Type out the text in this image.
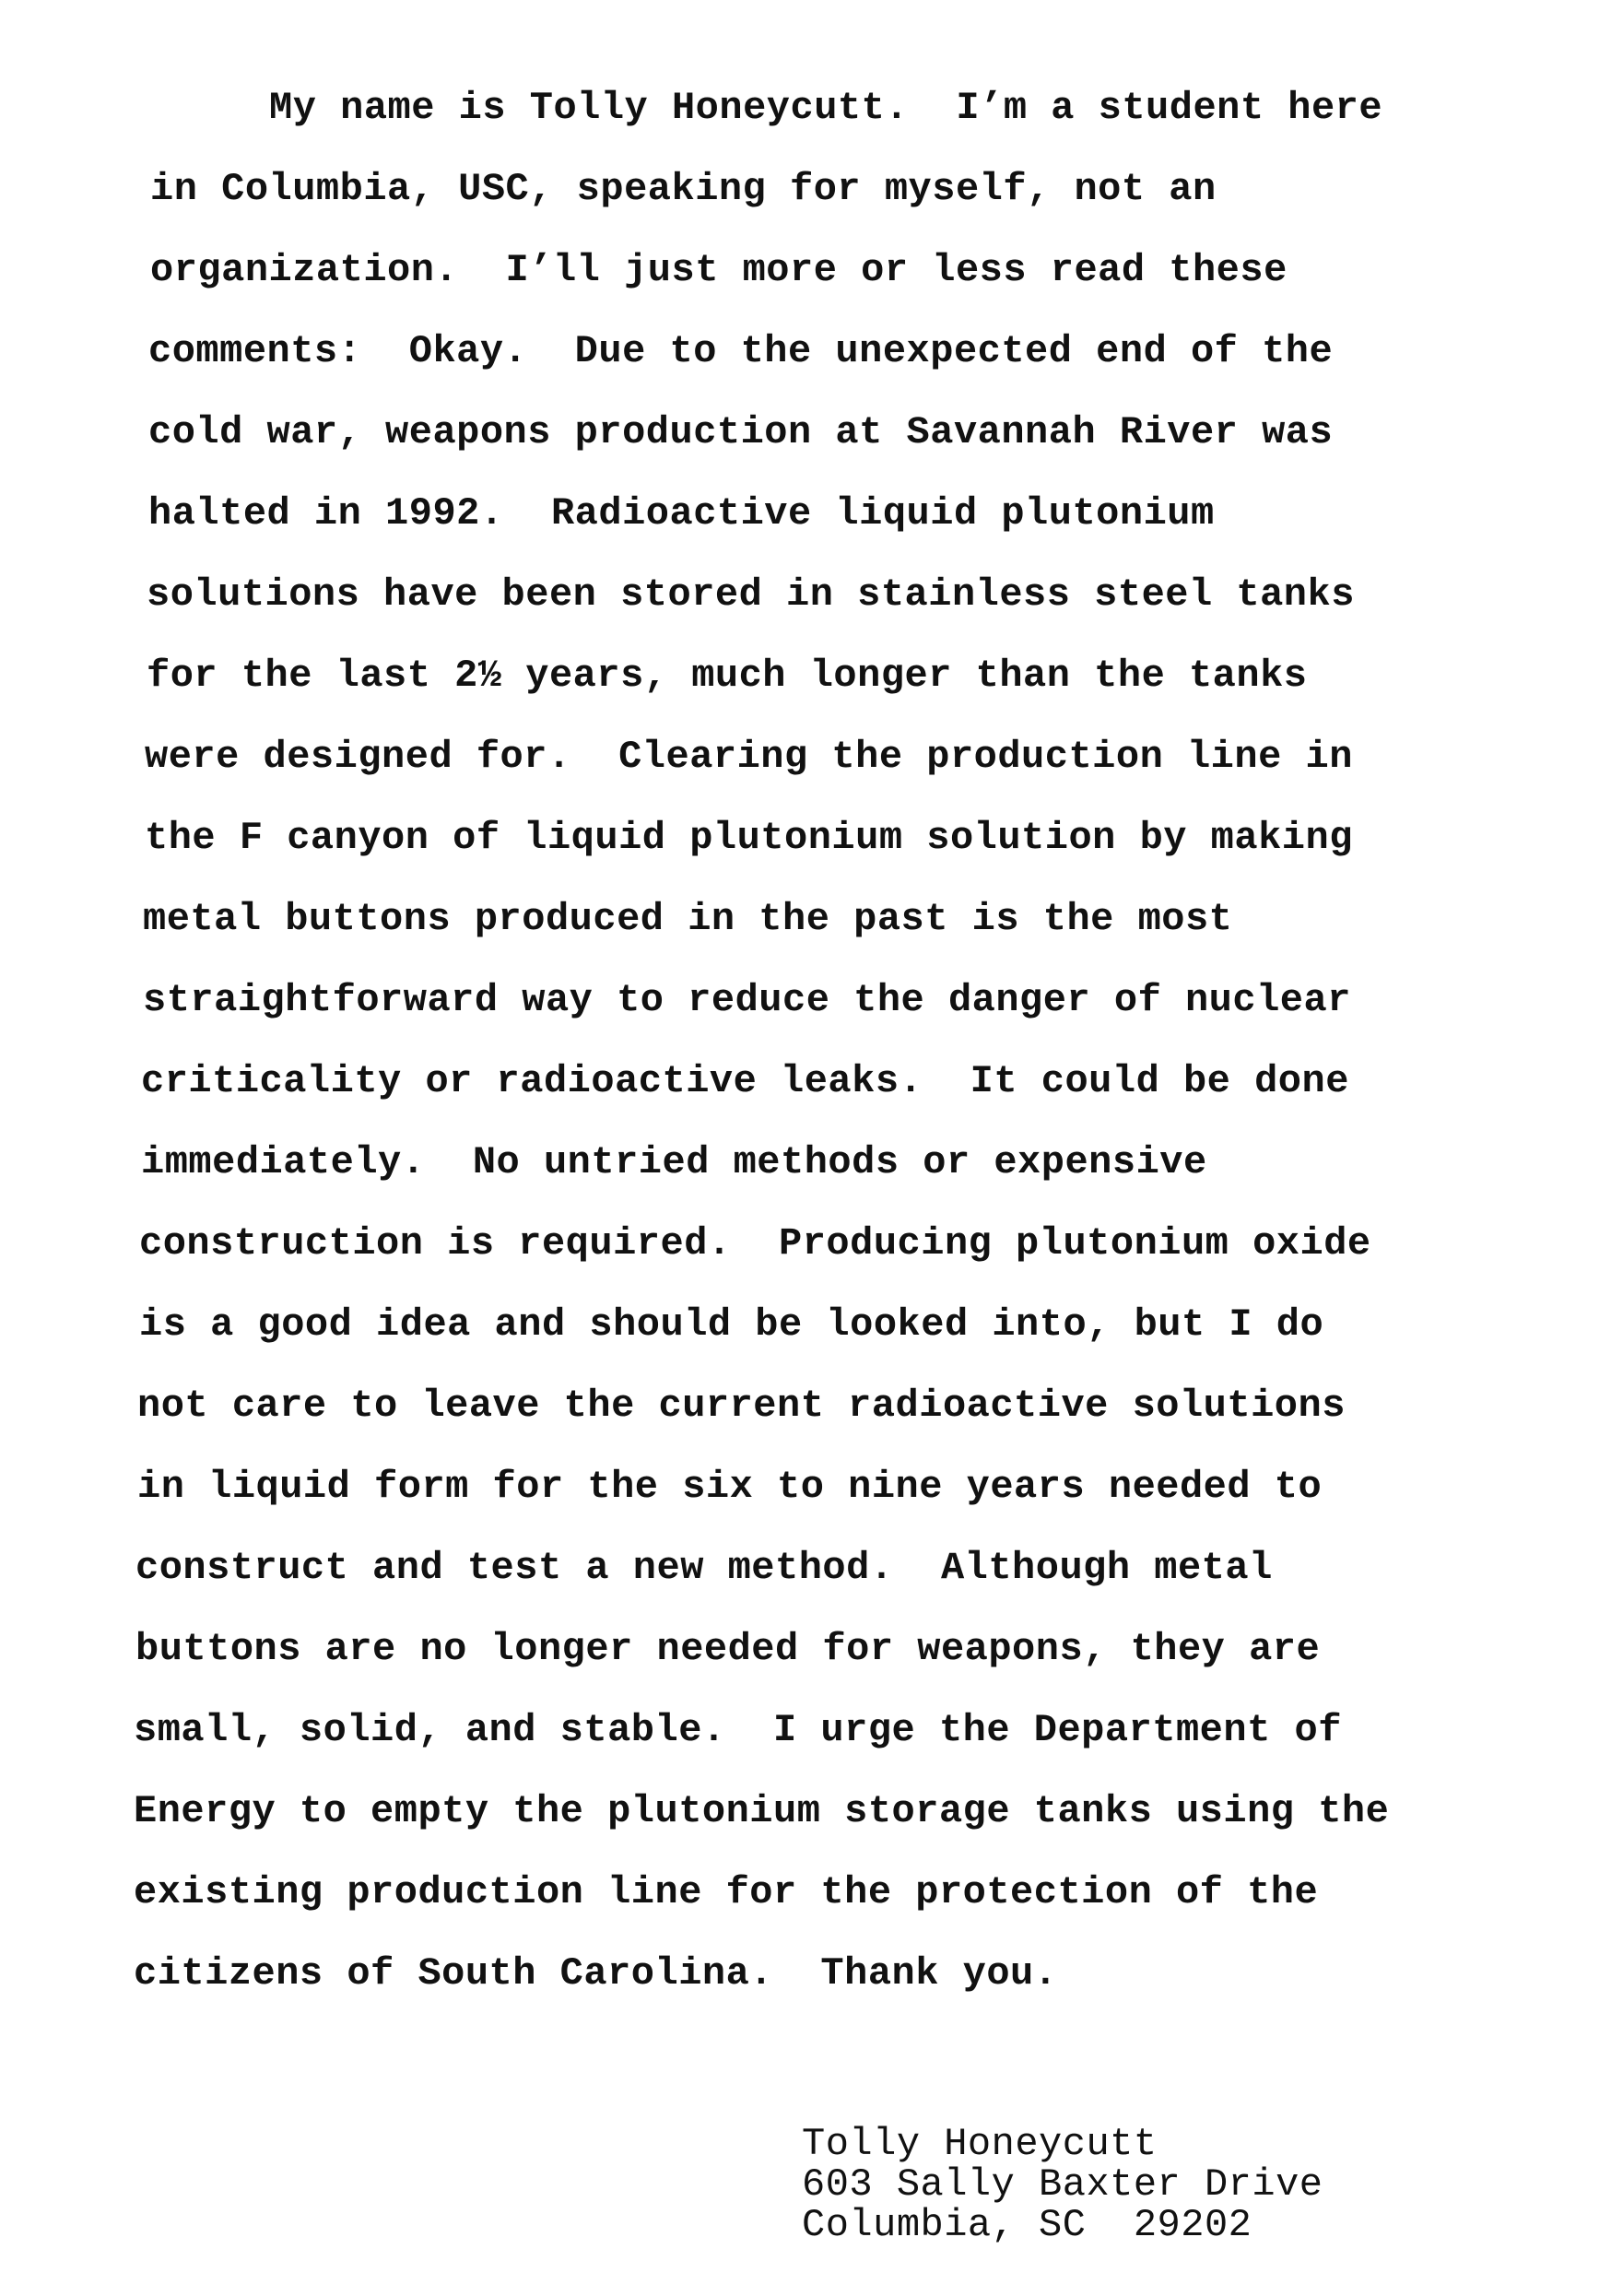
My name is Tolly Honeycutt.  I’m a student here
in Columbia, USC, speaking for myself, not an
organization.  I’ll just more or less read these
comments:  Okay.  Due to the unexpected end of the
cold war, weapons production at Savannah River was
halted in 1992.  Radioactive liquid plutonium
solutions have been stored in stainless steel tanks
for the last 2½ years, much longer than the tanks
were designed for.  Clearing the production line in
the F canyon of liquid plutonium solution by making
metal buttons produced in the past is the most
straightforward way to reduce the danger of nuclear
criticality or radioactive leaks.  It could be done
immediately.  No untried methods or expensive
construction is required.  Producing plutonium oxide
is a good idea and should be looked into, but I do
not care to leave the current radioactive solutions
in liquid form for the six to nine years needed to
construct and test a new method.  Although metal
buttons are no longer needed for weapons, they are
small, solid, and stable.  I urge the Department of
Energy to empty the plutonium storage tanks using the
existing production line for the protection of the
citizens of South Carolina.  Thank you.
Tolly Honeycutt
603 Sally Baxter Drive
Columbia, SC  29202
